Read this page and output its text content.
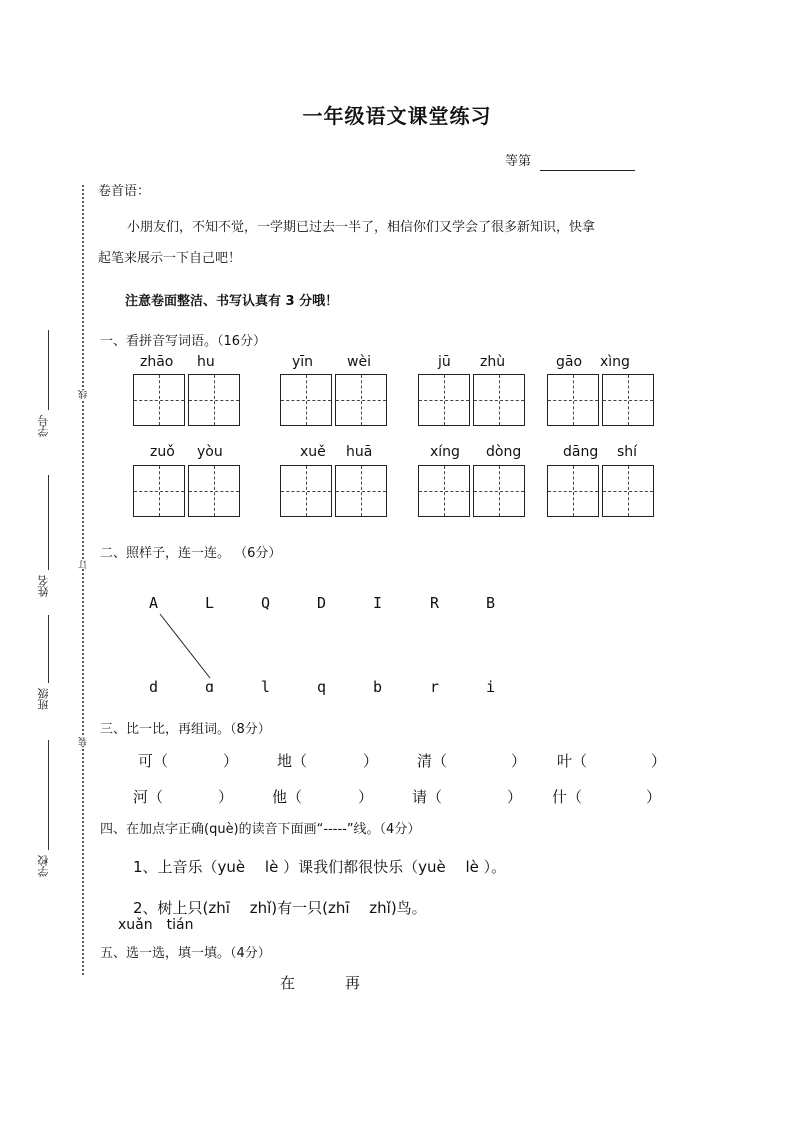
一年级语文课堂练习
等第
线
订
装
学号
姓名
班级
学校
卷首语：
小朋友们，不知不觉，一学期已过去一半了，相信你们又学会了很多新知识，快拿
起笔来展示一下自己吧！
注意卷面整洁、书写认真有 3 分哦！
一、看拼音写词语。（16分）
zhāo hu	yīn wèi	jū zhù	gāo xìng
zuǒ yòu	xuě huā	xíng dòng	dāng shí
二、照样子，连一连。 （6分）
A	L	Q	D	I	R	B
d	ɑ	l	q	b	r	i
三、比一比，再组词。（8分）
可（	）	地（	）	清（	） 叶（	）
河（	）	他（	）	请（	） 什（	）
四、在加点字正确(què)的读音下面画“-----”线。（4分）
1、上音乐（yuè　 lè ）课我们都很快乐（yuè　 lè ）。
2、树上只(zhī　 zhǐ)有一只(zhī　 zhǐ)鸟。
xuǎn　tián
五、选一选，填一填。（4分）
在	再
